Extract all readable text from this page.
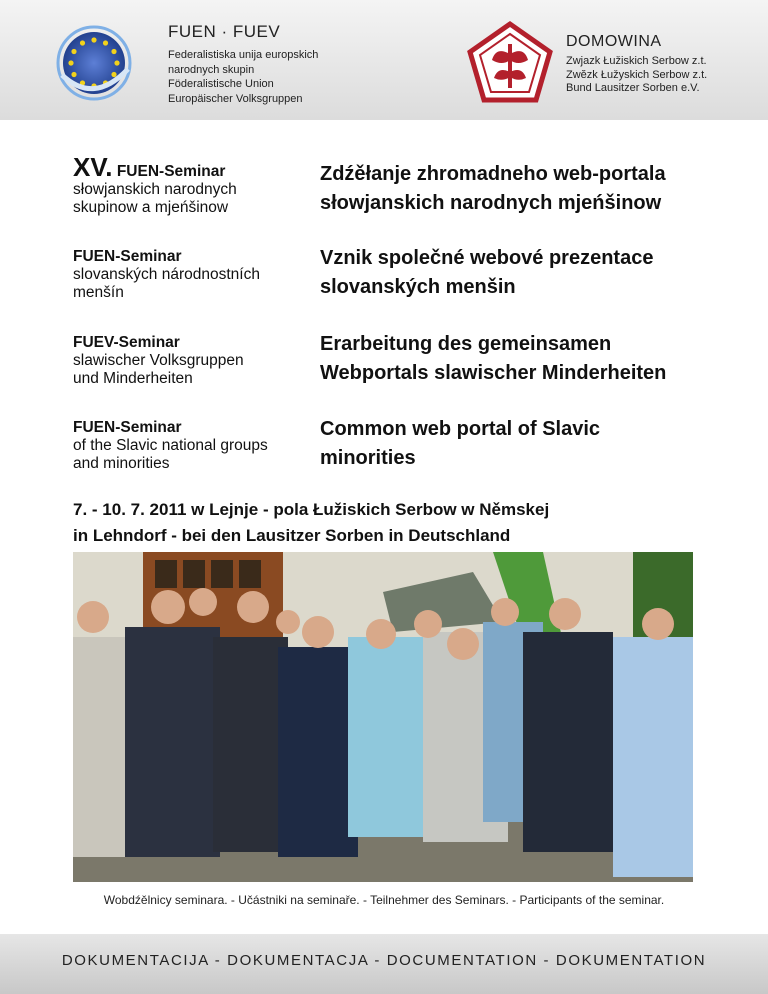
FUEN · FUEV
Federalistiska unija europskich
narodnych skupin
Föderalistische Union
Europäischer Volksgruppen
DOMOWINA
Zwjazk Łužiskich Serbow z.t.
Zwĕzk Łužyskich Serbow z.t.
Bund Lausitzer Sorben e.V.
XV. FUEN-Seminar
słowjanskich narodnych
skupinow a mjeńšinow
Zdźěłanje zhromadneho web-portala
słowjanskich narodnych mjeńšinow
FUEN-Seminar
slovanských národnostních
menšín
Vznik společné webové prezentace
slovanských menšin
FUEV-Seminar
slawischer Volksgruppen
und Minderheiten
Erarbeitung des gemeinsamen
Webportals slawischer Minderheiten
FUEN-Seminar
of the Slavic national groups
and minorities
Common web portal of Slavic
minorities
7. - 10. 7. 2011 w Lejnje - pola Łužiskich Serbow w Němskej
in Lehndorf - bei den Lausitzer Sorben in Deutschland
Wobdźělnicy seminara. - Učástniki na seminaře. - Teilnehmer des Seminars. - Participants of the seminar.
DOKUMENTACIJA - DOKUMENTACJA - DOCUMENTATION - DOKUMENTATION
